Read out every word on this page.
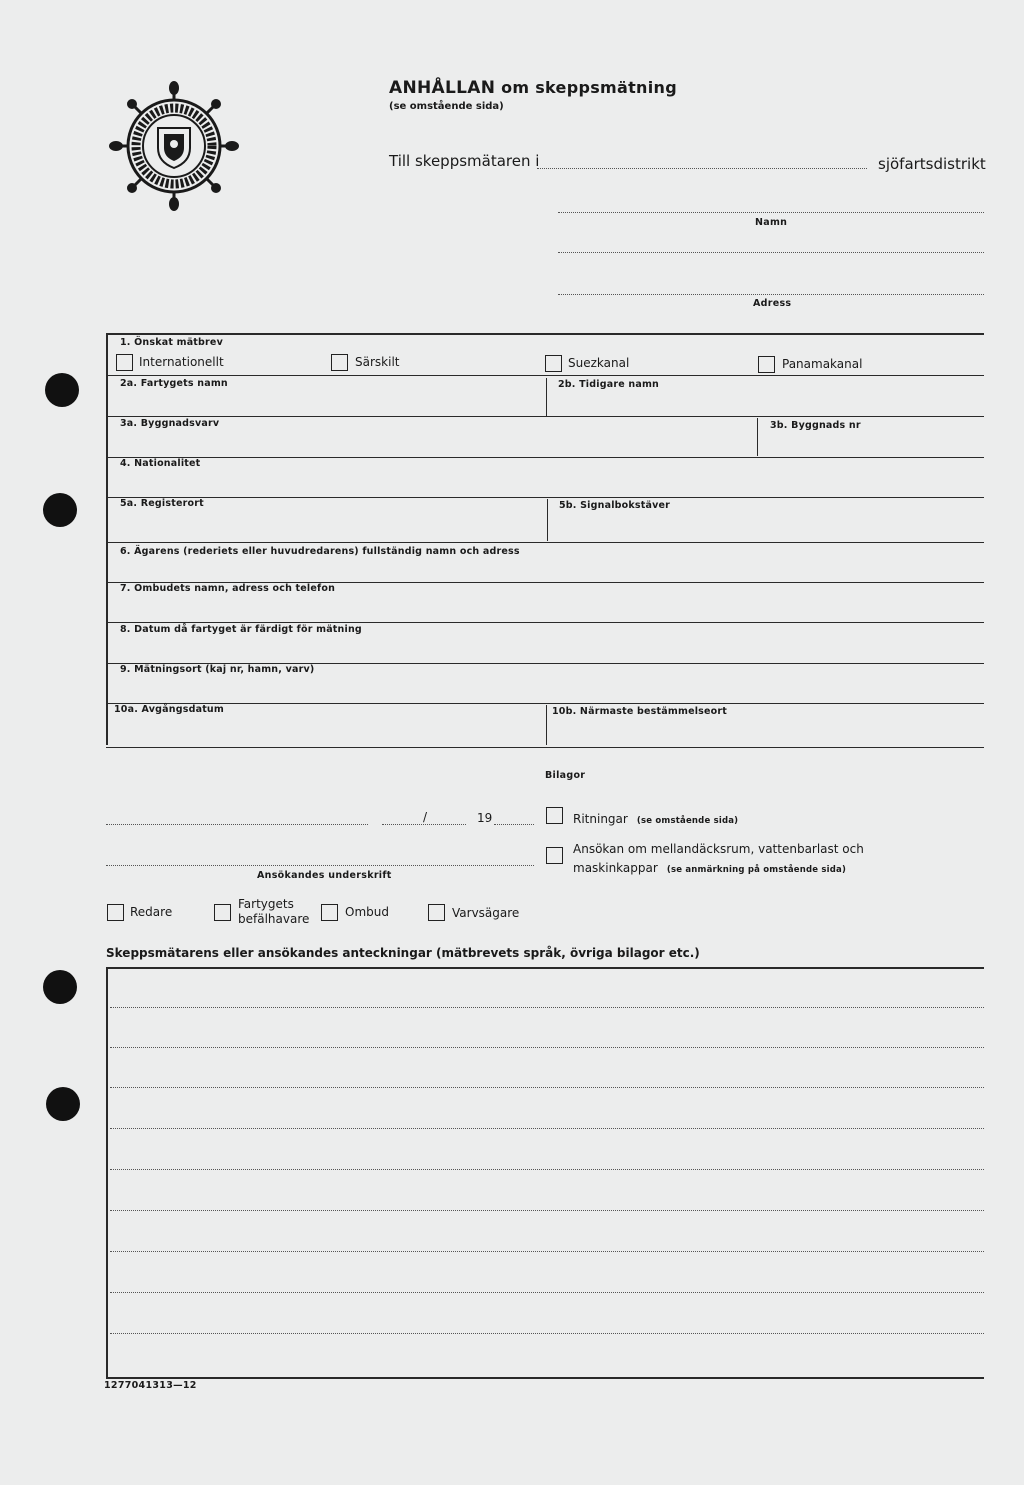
ANHÅLLAN om skeppsmätning
(se omstående sida)
Till skeppsmätaren i	sjöfartsdistrikt
Namn
Adress
1. Önskat mätbrev
Internationellt	Särskilt	Suezkanal	Panamakanal
2a. Fartygets namn	2b. Tidigare namn
3a. Byggnadsvarv	3b. Byggnads nr
4. Nationalitet
5a. Registerort	5b. Signalbokstäver
6. Ägarens (rederiets eller huvudredarens) fullständig namn och adress
7. Ombudets namn, adress och telefon
8. Datum då fartyget är färdigt för mätning
9. Mätningsort (kaj nr, hamn, varv)
10a. Avgångsdatum	10b. Närmaste bestämmelseort
Bilagor
/	19	Ritningar (se omstående sida)
Ansökan om mellandäcksrum, vattenbarlast och
maskinkappar (se anmärkning på omstående sida)
Ansökandes underskrift
Redare
Fartygets
befälhavare	Ombud	Varvsägare
Skeppsmätarens eller ansökandes anteckningar (mätbrevets språk, övriga bilagor etc.)
1277041313—12
